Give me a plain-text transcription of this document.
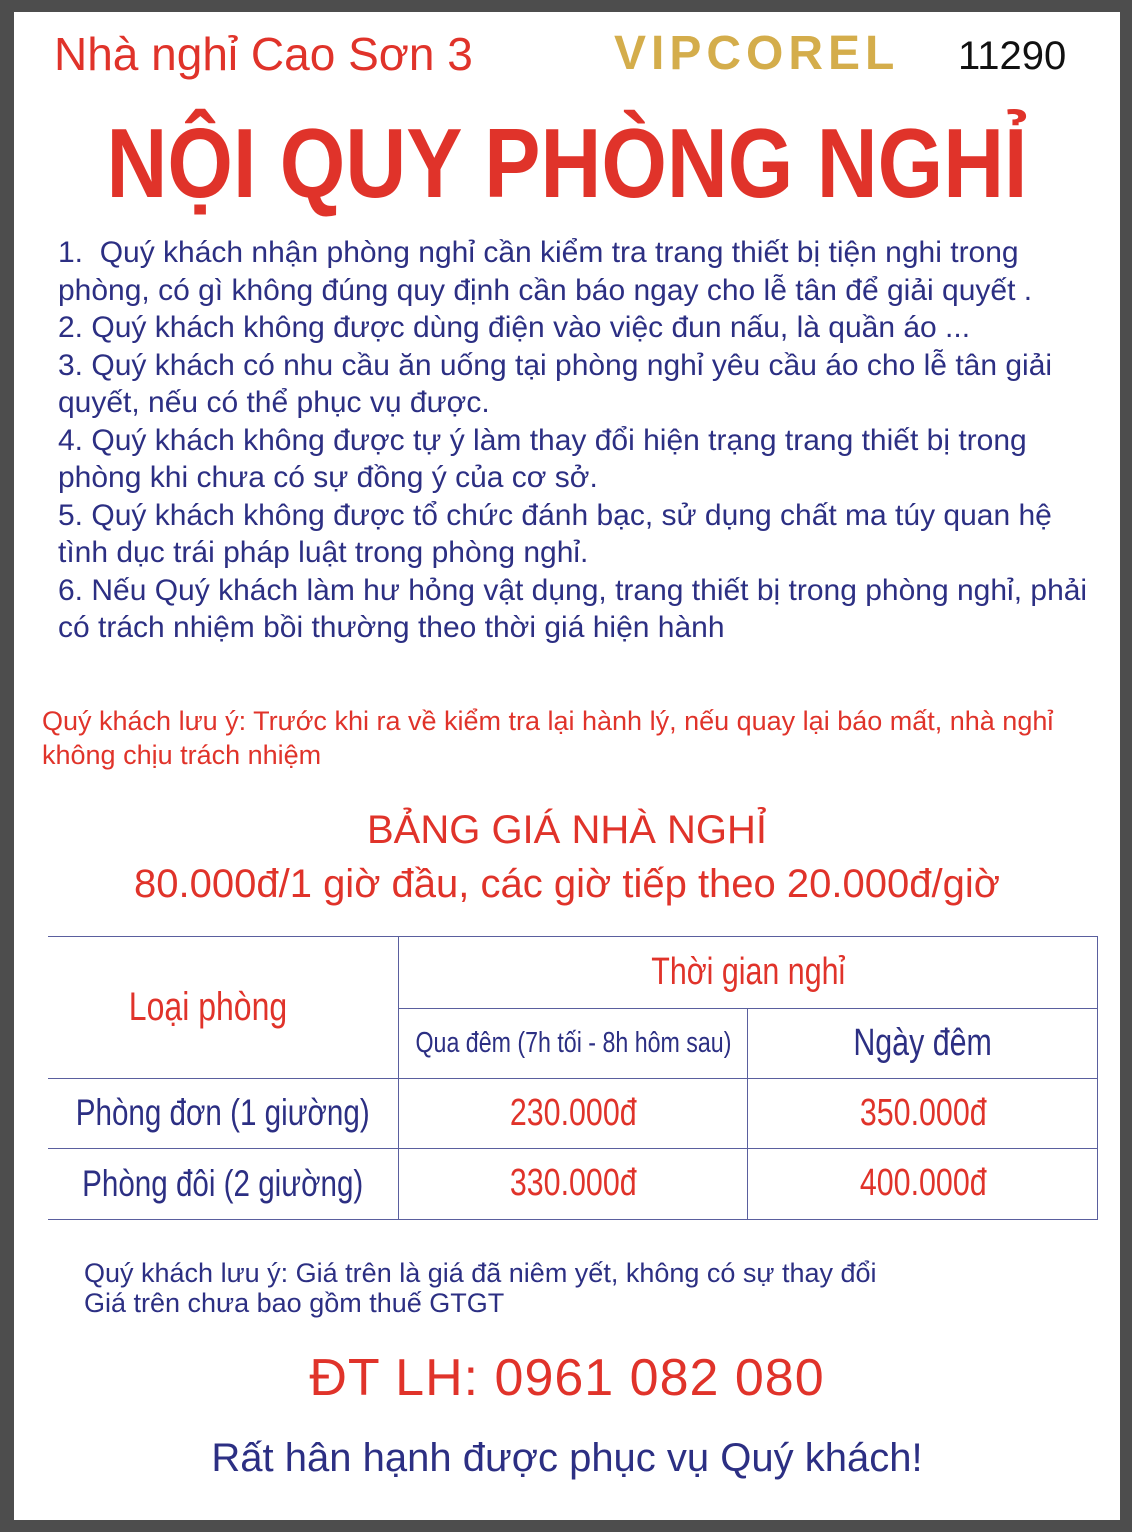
Nhà nghỉ Cao Sơn 3	VIPCOREL 11290
NỘI QUY PHÒNG NGHỈ

1.  Quý khách nhận phòng nghỉ cần kiểm tra trang thiết bị tiện nghi trong phòng, có gì không đúng quy định cần báo ngay cho lễ tân để giải quyết .

2. Quý khách không được dùng điện vào việc đun nấu, là quần áo ...

3. Quý khách có nhu cầu ăn uống tại phòng nghỉ yêu cầu áo cho lễ tân giải quyết, nếu có thể phục vụ được.

4. Quý khách không được tự ý làm thay đổi hiện trạng trang thiết bị trong phòng khi chưa có sự đồng ý của cơ sở.

5. Quý khách không được tổ chức đánh bạc, sử dụng chất ma túy quan hệ tình dục trái pháp luật trong phòng nghỉ.

6. Nếu Quý khách làm hư hỏng vật dụng, trang thiết bị trong phòng nghỉ, phải có trách nhiệm bồi thường theo thời giá hiện hành

Quý khách lưu ý: Trước khi ra về kiểm tra lại hành lý, nếu quay lại báo mất, nhà nghỉ không chịu trách nhiệm
BẢNG GIÁ NHÀ NGHỈ
80.000đ/1 giờ đầu, các giờ tiếp theo 20.000đ/giờ
Loại phòng
Thời gian nghỉ
Qua đêm (7h tối - 8h hôm sau)	Ngày đêm
Phòng đơn (1 giường)	230.000đ	350.000đ
Phòng đôi (2 giường)	330.000đ	400.000đ
Quý khách lưu ý: Giá trên là giá đã niêm yết, không có sự thay đổi
Giá trên chưa bao gồm thuế GTGT
ĐT LH: 0961 082 080
Rất hân hạnh được phục vụ Quý khách!
